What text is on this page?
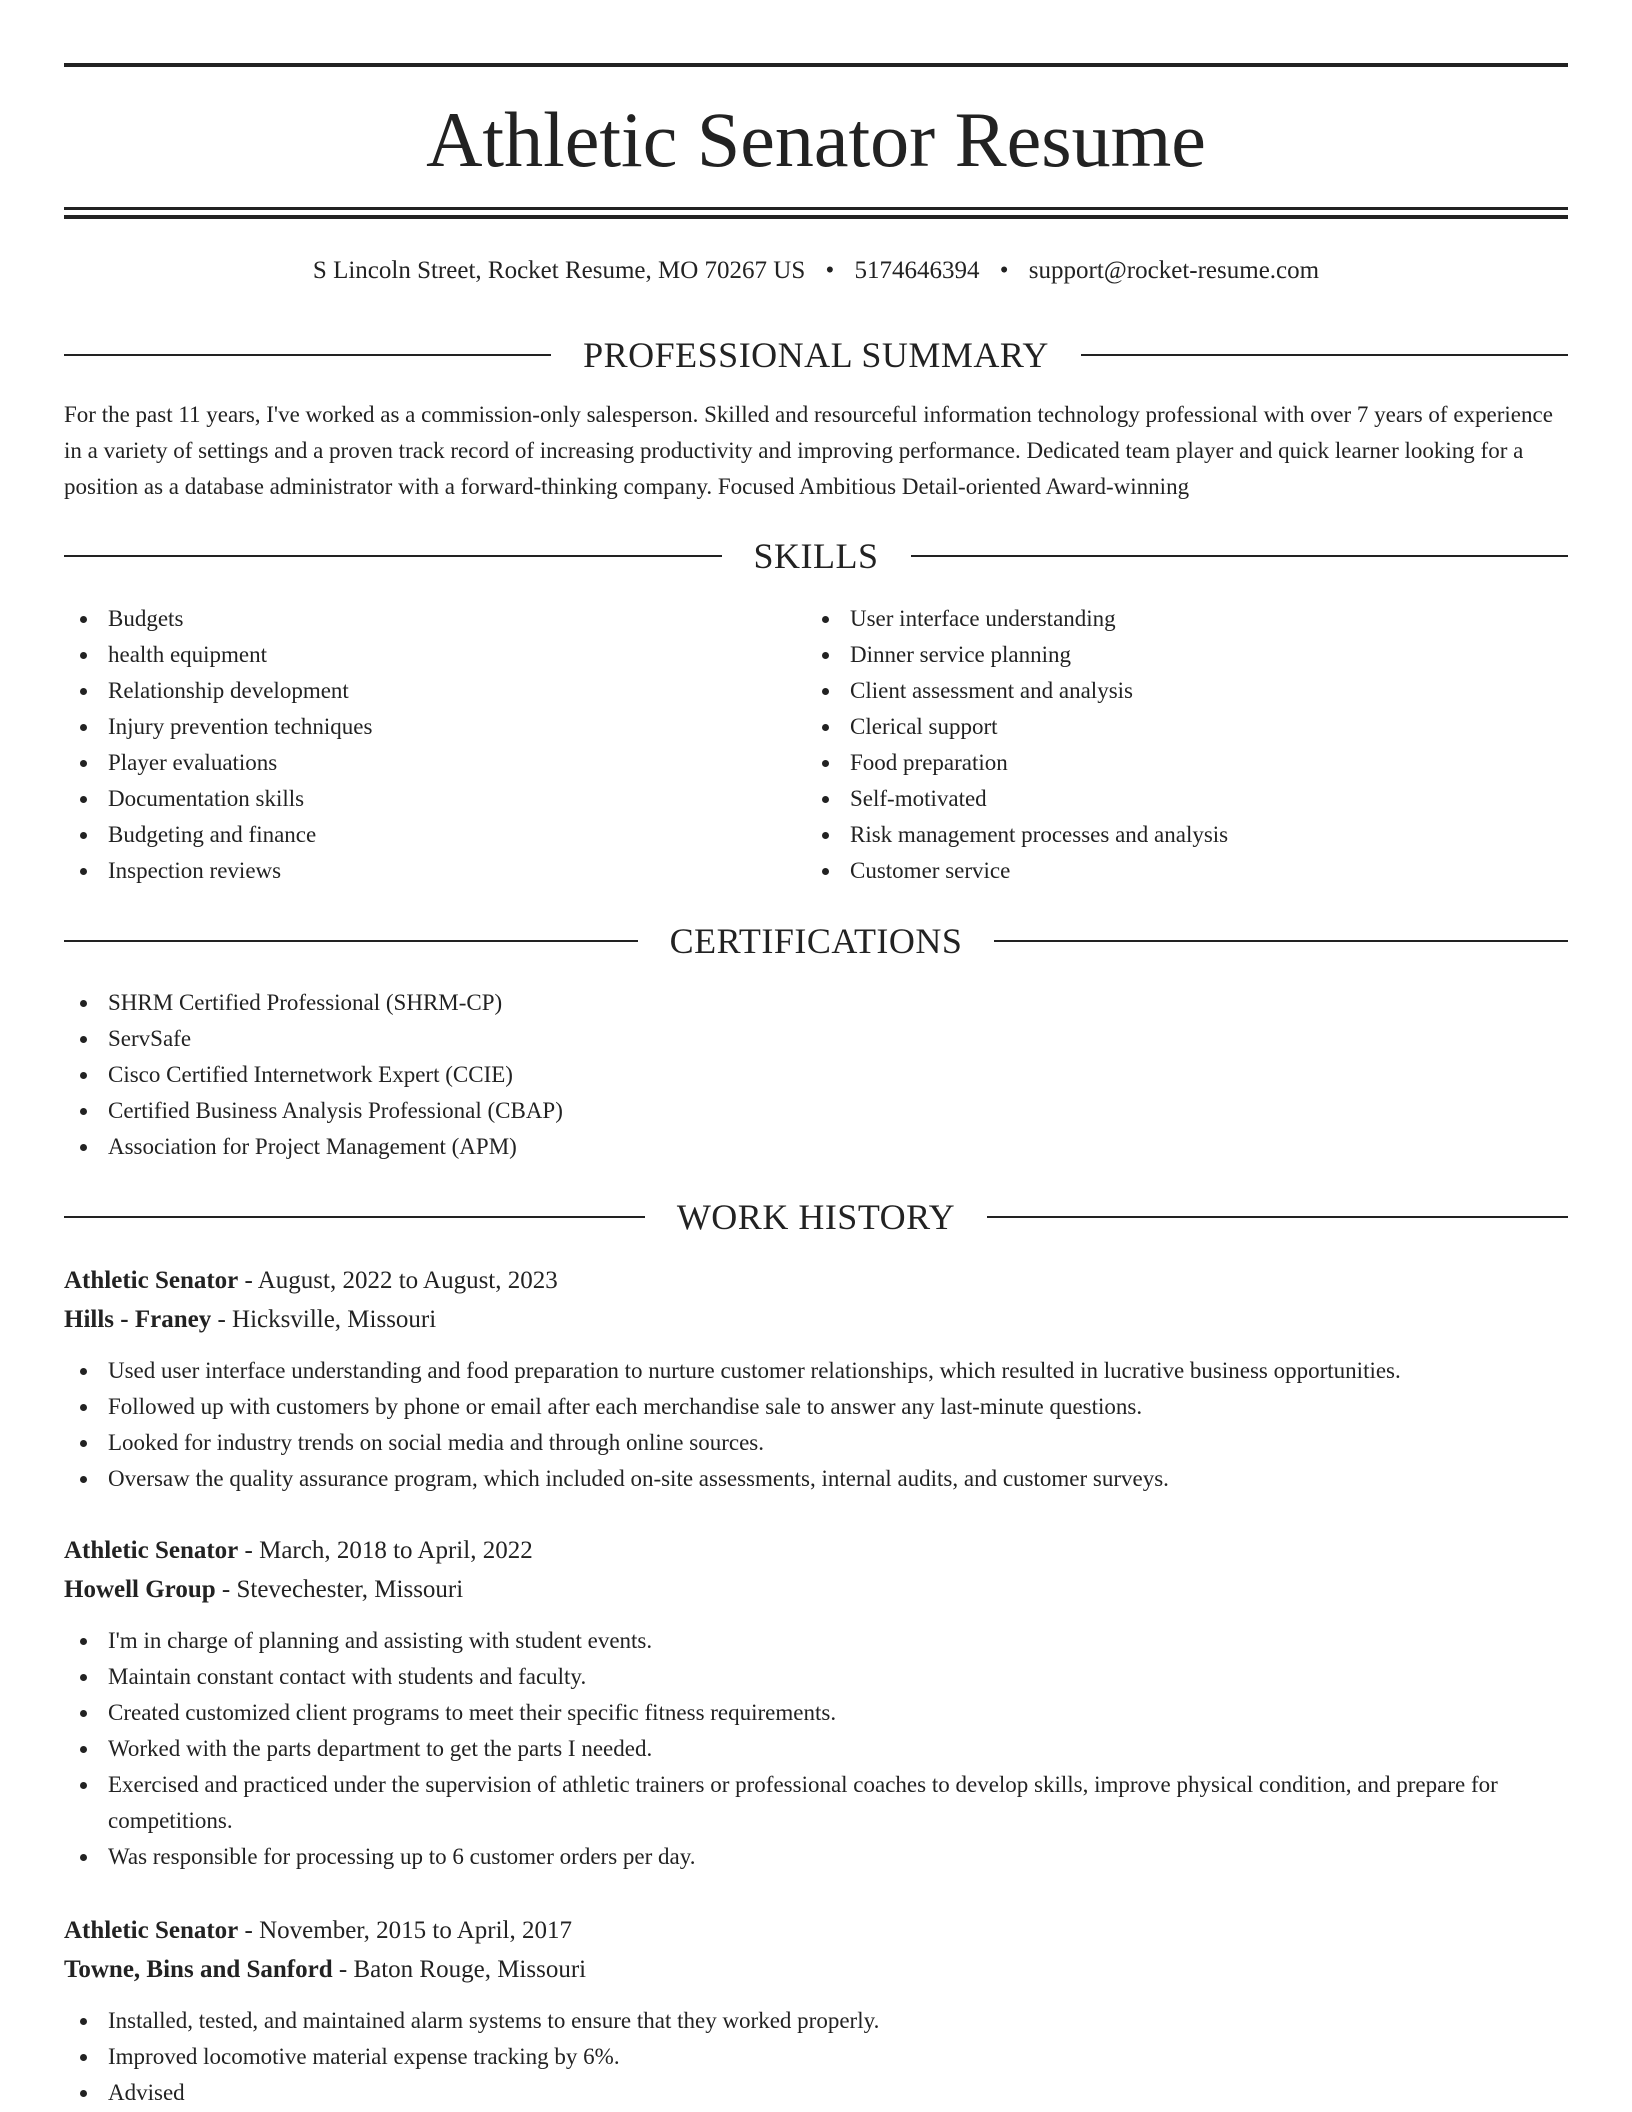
Athletic Senator Resume
S Lincoln Street, Rocket Resume, MO 70267 US • 5174646394 • support@rocket-resume.com
PROFESSIONAL SUMMARY

For the past 11 years, I've worked as a commission-only salesperson. Skilled and resourceful information technology professional with over 7 years of experience in a variety of settings and a proven track record of increasing productivity and improving performance. Dedicated team player and quick learner looking for a position as a database administrator with a forward-thinking company. Focused Ambitious Detail-oriented Award-winning

SKILLS
Budgets
health equipment
Relationship development
Injury prevention techniques
Player evaluations
Documentation skills
Budgeting and finance
Inspection reviews
User interface understanding
Dinner service planning
Client assessment and analysis
Clerical support
Food preparation
Self-motivated
Risk management processes and analysis
Customer service
CERTIFICATIONS
SHRM Certified Professional (SHRM-CP)
ServSafe
Cisco Certified Internetwork Expert (CCIE)
Certified Business Analysis Professional (CBAP)
Association for Project Management (APM)
WORK HISTORY
Athletic Senator - August, 2022 to August, 2023
Hills - Franey - Hicksville, Missouri
Used user interface understanding and food preparation to nurture customer relationships, which resulted in lucrative business opportunities.
Followed up with customers by phone or email after each merchandise sale to answer any last-minute questions.
Looked for industry trends on social media and through online sources.
Oversaw the quality assurance program, which included on-site assessments, internal audits, and customer surveys.
Athletic Senator - March, 2018 to April, 2022
Howell Group - Stevechester, Missouri
I'm in charge of planning and assisting with student events.
Maintain constant contact with students and faculty.
Created customized client programs to meet their specific fitness requirements.
Worked with the parts department to get the parts I needed.
Exercised and practiced under the supervision of athletic trainers or professional coaches to develop skills, improve physical condition, and prepare for competitions.
Was responsible for processing up to 6 customer orders per day.
Athletic Senator - November, 2015 to April, 2017
Towne, Bins and Sanford - Baton Rouge, Missouri
Installed, tested, and maintained alarm systems to ensure that they worked properly.
Improved locomotive material expense tracking by 6%.
Advised
